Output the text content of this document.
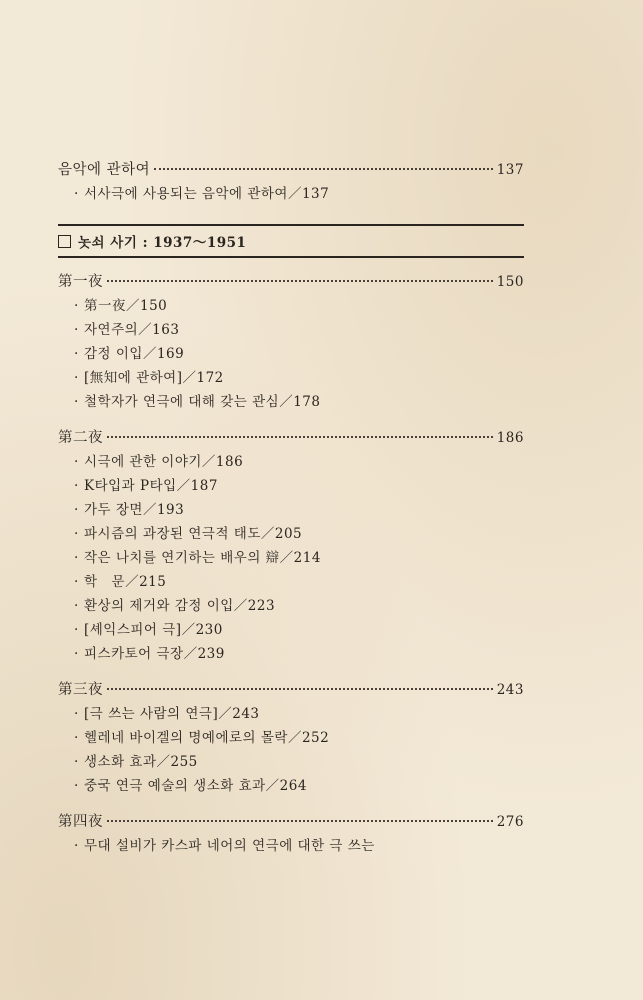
음악에 관하여	137
· 서사극에 사용되는 음악에 관하여／137
놋쇠 사기 : 1937～1951
第一夜	150
· 第一夜／150
· 자연주의／163
· 감정 이입／169
· [無知에 관하여]／172
· 철학자가 연극에 대해 갖는 관심／178
第二夜	186
· 시극에 관한 이야기／186
· K타입과 P타입／187
· 가두 장면／193
· 파시즘의 과장된 연극적 태도／205
· 작은 나치를 연기하는 배우의 辯／214
· 학　문／215
· 환상의 제거와 감정 이입／223
· [셰익스피어 극]／230
· 피스카토어 극장／239
第三夜	243
· [극 쓰는 사람의 연극]／243
· 헬레네 바이겔의 명예에로의 몰락／252
· 생소화 효과／255
· 중국 연극 예술의 생소화 효과／264
第四夜	276
· 무대 설비가 카스파 네어의 연극에 대한 극 쓰는
